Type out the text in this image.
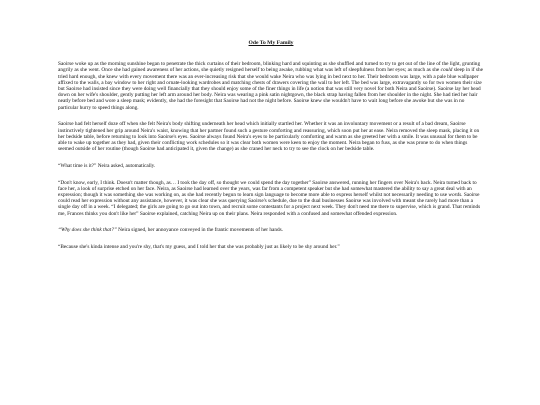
Ode To My Family

Saoirse woke up as the morning sunshine began to penetrate the thick curtains of their bedroom, blinking hard and squinting as she shuffled and turned to try to get out of the line of the light, grunting angrily as she went. Once she had gained awareness of her actions, she quietly resigned herself to being awake, rubbing what was left of sleepfulness from her eyes; as much as she could sleep in if she tried hard enough, she knew with every movement there was an ever-increasing risk that she would wake Neira who was lying in bed next to her. Their bedroom was large, with a pale blue wallpaper affixed to the walls, a bay window to her right and ornate-looking wardrobes and matching chests of drawers covering the wall to her left. The bed was large, extravagantly so for two women their size but Saoirse had insisted since they were doing well financially that they should enjoy some of the finer things in life (a notion that was still very novel for both Neira and Saoirse). Saoirse lay her head down on her wife's shoulder, gently putting her left arm around her body. Neira was wearing a pink satin nightgown, the black strap having fallen from her shoulder in the night. She had tied her hair neatly before bed and wore a sleep mask; evidently, she had the foresight that Saoirse had not the night before. Saoirse knew she wouldn't have to wait long before she awoke but she was in no particular hurry to speed things along.

Saoirse had felt herself doze off when she felt Neira's body shifting underneath her head which initially startled her. Whether it was an involuntary movement or a result of a bad dream, Saoirse instinctively tightened her grip around Neira's waist, knowing that her partner found such a gesture comforting and reassuring, which soon put her at ease. Neira removed the sleep mask, placing it on her bedside table, before returning to look into Saoirse's eyes. Saoirse always found Neira's eyes to be particularly comforting and warm as she greeted her with a smile. It was unusual for them to be able to wake up together as they had, given their conflicting work schedules so it was clear both women were keen to enjoy the moment. Neira began to fuss, as she was prone to do when things seemed outside of her routine (though Saoirse had anticipated it, given the change) as she craned her neck to try to see the clock on her bedside table.

“What time is it?” Neira asked, automatically.

“Don't know, early, I think. Doesn't matter though, as… I took the day off, so thought we could spend the day together” Saoirse answered, running her fingers over Neira's back. Neira turned back to face her, a look of surprise etched on her face. Neira, as Saoirse had learned over the years, was far from a competent speaker but she had somewhat mastered the ability to say a great deal with an expression; though it was something she was working on, as she had recently begun to learn sign language to become more able to express herself whilst not necessarily needing to use words. Saoirse could read her expression without any assistance, however, it was clear she was querying Saoirse's schedule, due to the dual businesses Saoirse was involved with meant she rarely had more than a single day off in a week. “I delegated; the girls are going to go out into town, and recruit some contestants for a project next week. They don't need me there to supervise, which is grand. That reminds me, Frances thinks you don't like her” Saoirse explained, catching Neira up on their plans. Neira responded with a confused and somewhat offended expression.

“Why does she think that?” Neira signed, her annoyance conveyed in the frantic movements of her hands.

“Because she's kinda intense and you're shy, that's my guess, and I told her that she was probably just as likely to be shy around her.”
